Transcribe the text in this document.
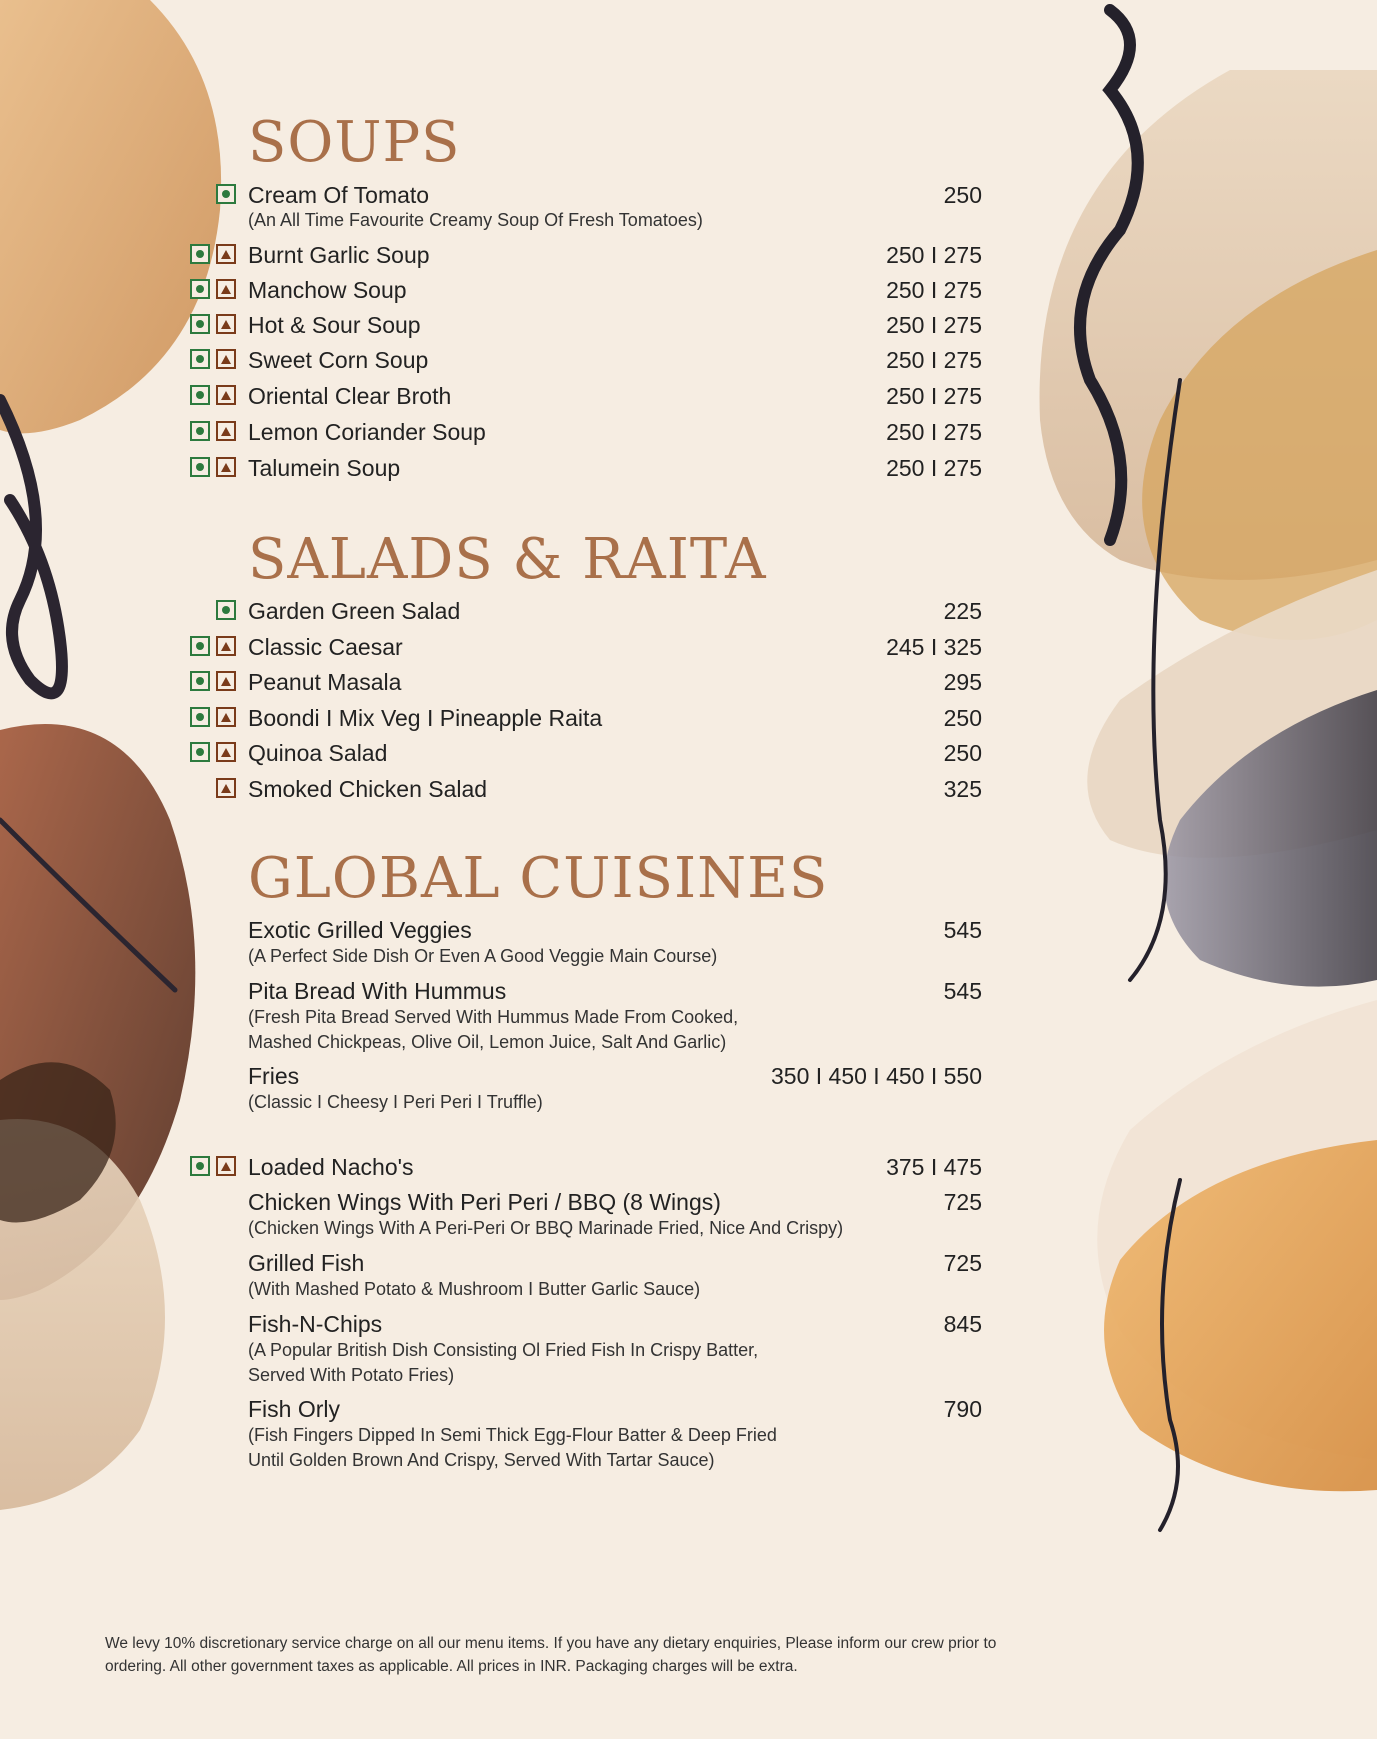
SOUPS
Cream Of Tomato	250
(An All Time Favourite Creamy Soup Of Fresh Tomatoes)
Burnt Garlic Soup	250 I 275
Manchow Soup	250 I 275
Hot & Sour Soup	250 I 275
Sweet Corn Soup	250 I 275
Oriental Clear Broth	250 I 275
Lemon Coriander Soup	250 I 275
Talumein Soup	250 I 275
SALADS & RAITA
Garden Green Salad	225
Classic Caesar	245 I 325
Peanut Masala	295
Boondi I Mix Veg I Pineapple Raita	250
Quinoa Salad	250
Smoked Chicken Salad	325
GLOBAL CUISINES
Exotic Grilled Veggies	545
(A Perfect Side Dish Or Even A Good Veggie Main Course)
Pita Bread With Hummus	545
(Fresh Pita Bread Served With Hummus Made From Cooked,
Mashed Chickpeas, Olive Oil, Lemon Juice, Salt And Garlic)
Fries	350 I 450 I 450 I 550
(Classic I Cheesy I Peri Peri I Truffle)
Loaded Nacho's	375 I 475
Chicken Wings With Peri Peri / BBQ (8 Wings)	725
(Chicken Wings With A Peri-Peri Or BBQ Marinade Fried, Nice And Crispy)
Grilled Fish	725
(With Mashed Potato & Mushroom I Butter Garlic Sauce)
Fish-N-Chips	845
(A Popular British Dish Consisting Ol Fried Fish In Crispy Batter,
Served With Potato Fries)
Fish Orly	790
(Fish Fingers Dipped In Semi Thick Egg-Flour Batter & Deep Fried
Until Golden Brown And Crispy, Served With Tartar Sauce)
We levy 10% discretionary service charge on all our menu items. If you have any dietary enquiries, Please inform our crew prior to
ordering. All other government taxes as applicable. All prices in INR. Packaging charges will be extra.
